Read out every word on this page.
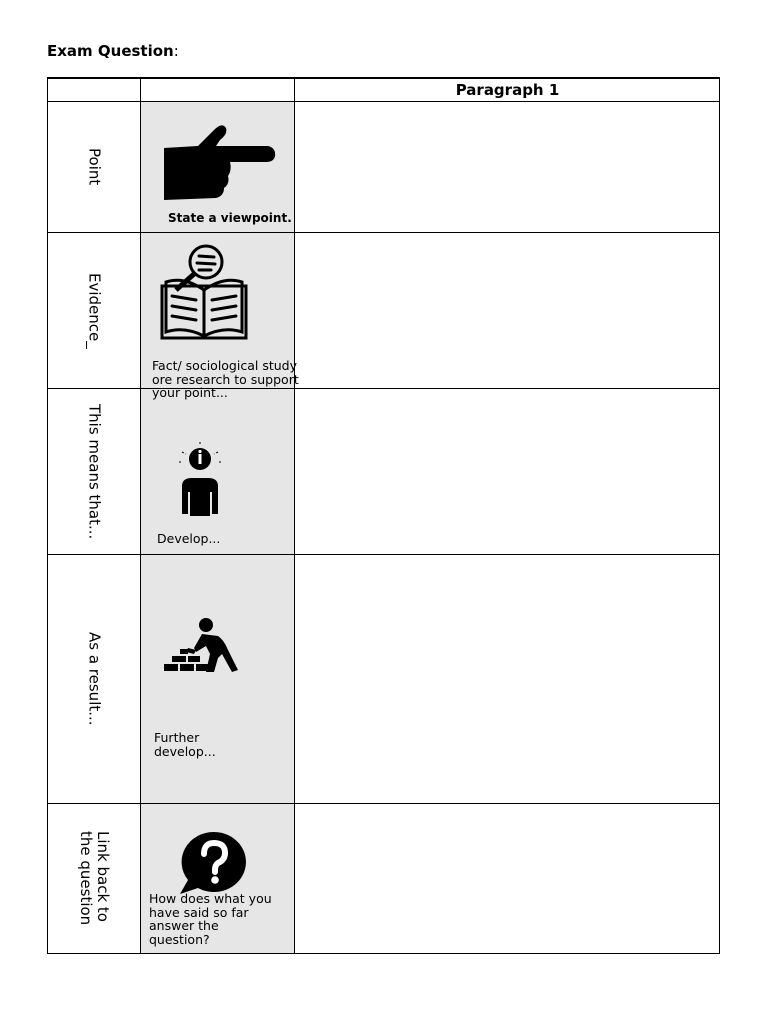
Exam Question:
Paragraph 1
Point
Evidence_
This means that...
As a result...
Link back to
the question
State a viewpoint.
Fact/ sociological study
ore research to support
your point...
Develop...
Further
develop...
How does what you
have said so far
answer the
question?
